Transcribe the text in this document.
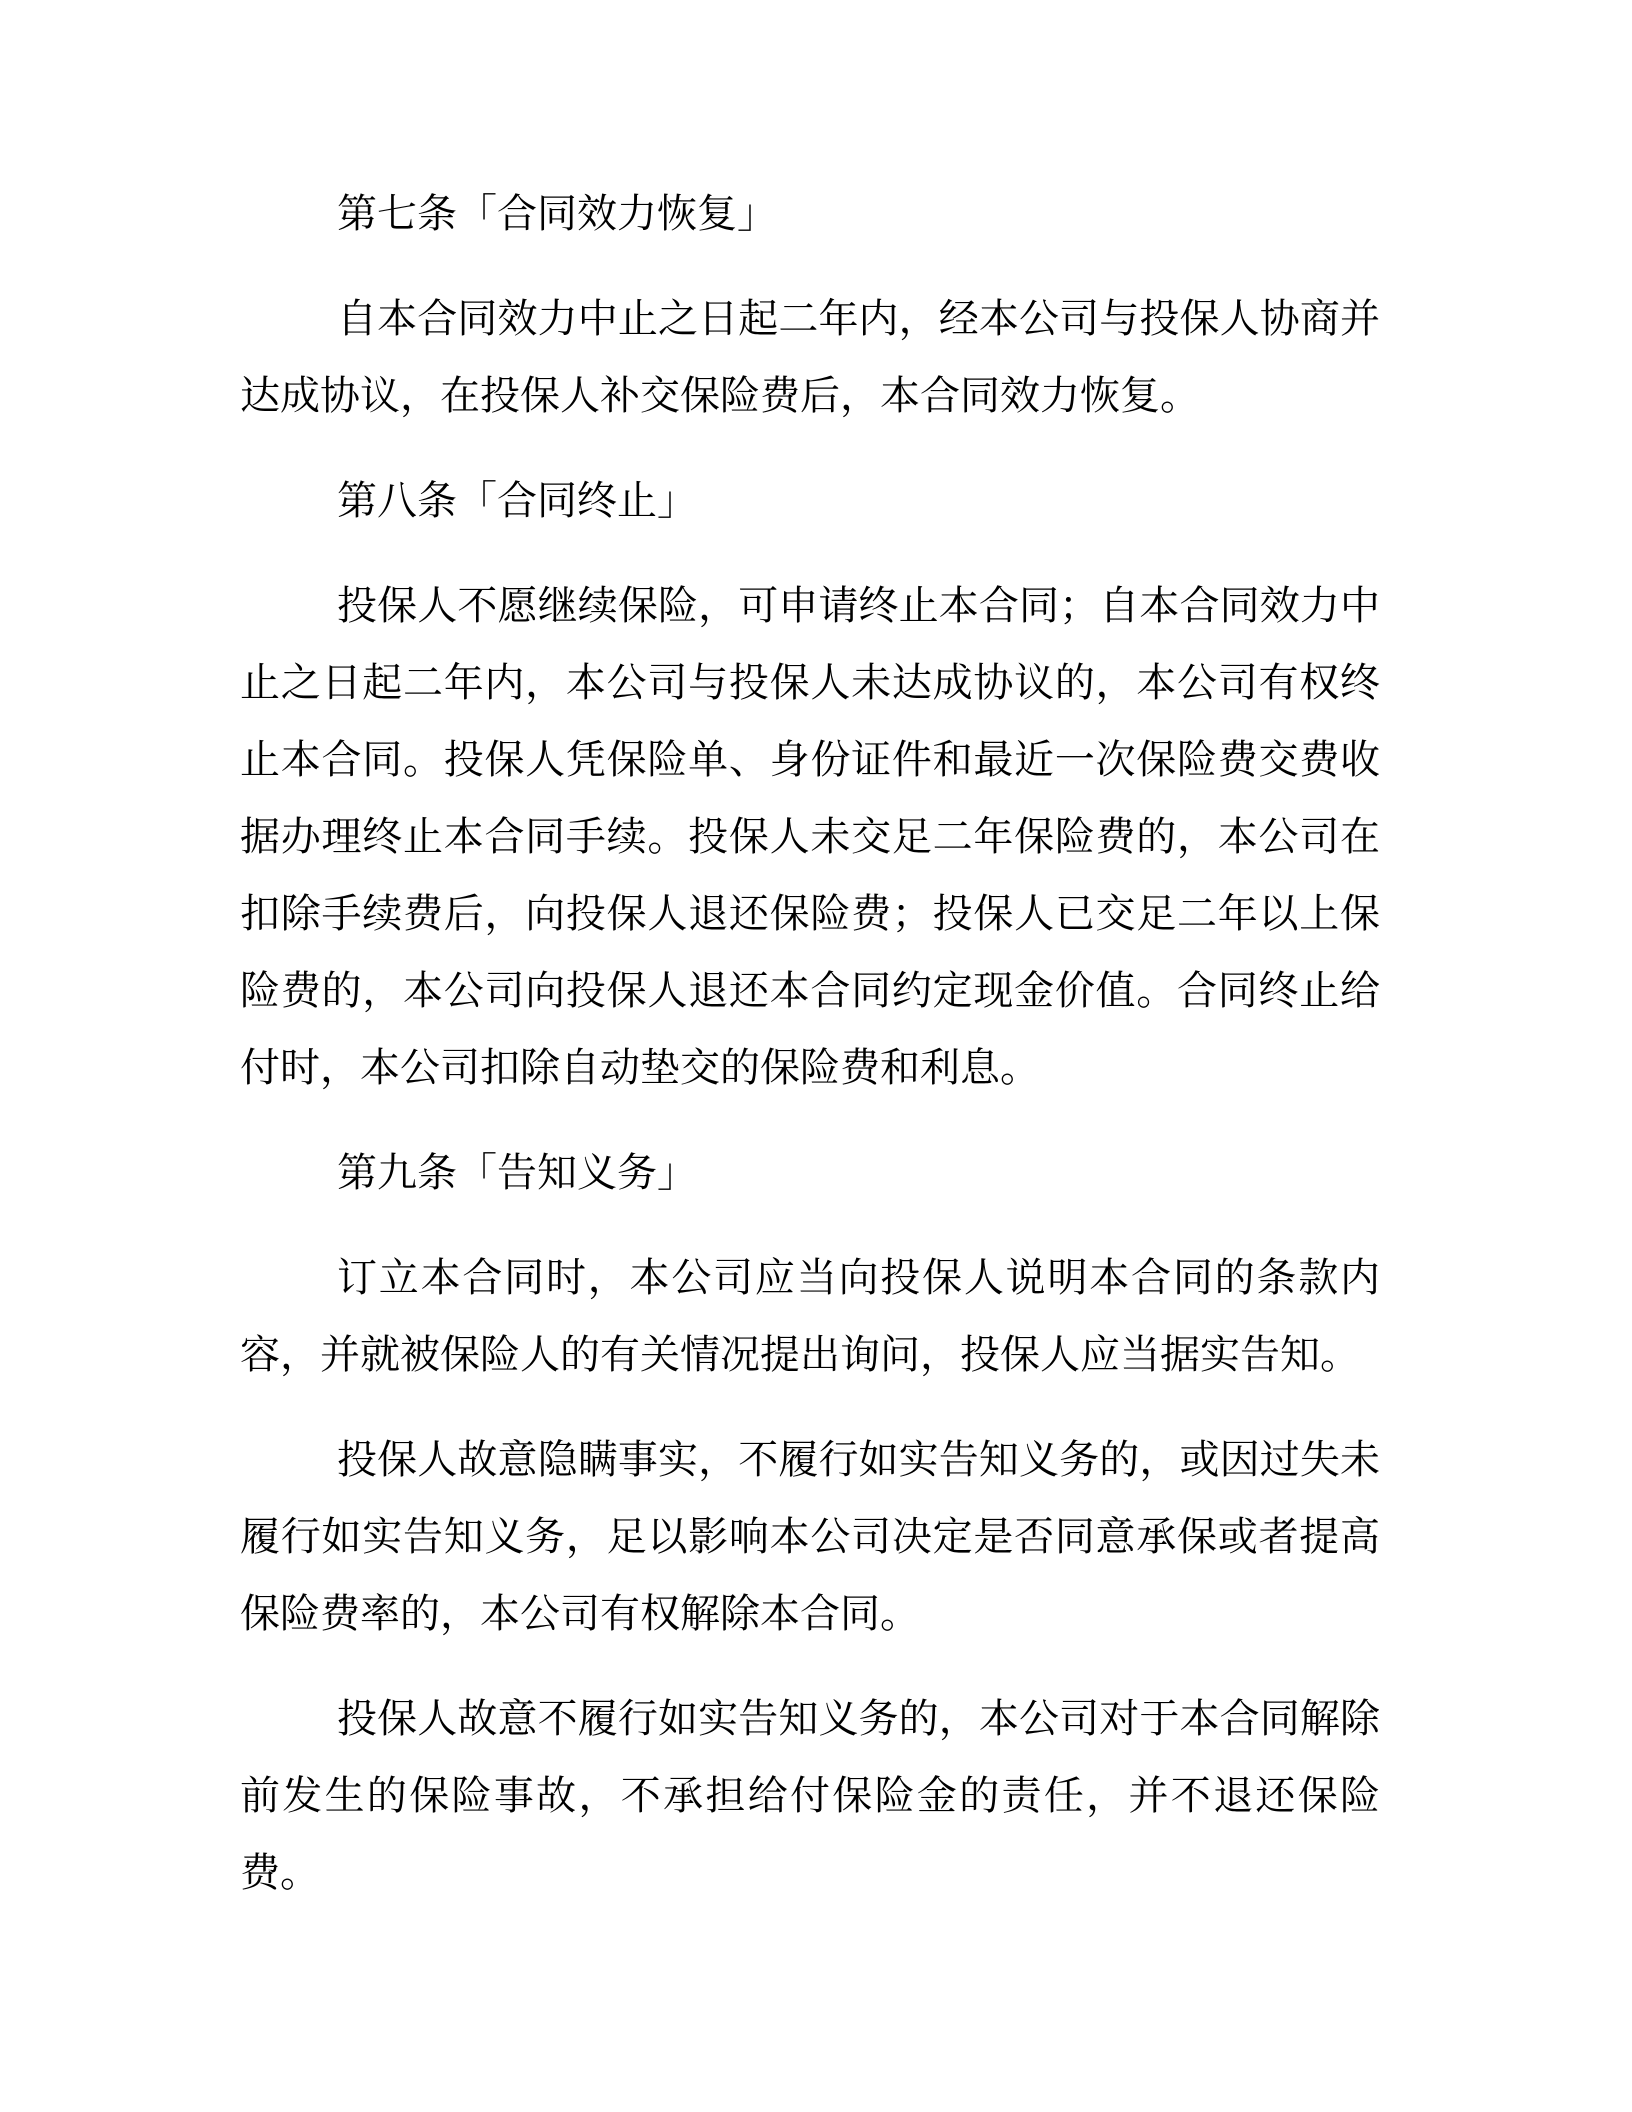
第七条「合同效力恢复」
自本合同效力中止之日起二年内，经本公司与投保人协商并达成协议，在投保人补交保险费后，本合同效力恢复。
第八条「合同终止」
投保人不愿继续保险，可申请终止本合同；自本合同效力中止之日起二年内，本公司与投保人未达成协议的，本公司有权终止本合同。投保人凭保险单、身份证件和最近一次保险费交费收据办理终止本合同手续。投保人未交足二年保险费的，本公司在扣除手续费后，向投保人退还保险费；投保人已交足二年以上保险费的，本公司向投保人退还本合同约定现金价值。合同终止给付时，本公司扣除自动垫交的保险费和利息。
第九条「告知义务」
订立本合同时，本公司应当向投保人说明本合同的条款内容，并就被保险人的有关情况提出询问，投保人应当据实告知。
投保人故意隐瞒事实，不履行如实告知义务的，或因过失未履行如实告知义务，足以影响本公司决定是否同意承保或者提高保险费率的，本公司有权解除本合同。
投保人故意不履行如实告知义务的，本公司对于本合同解除前发生的保险事故，不承担给付保险金的责任，并不退还保险费。
